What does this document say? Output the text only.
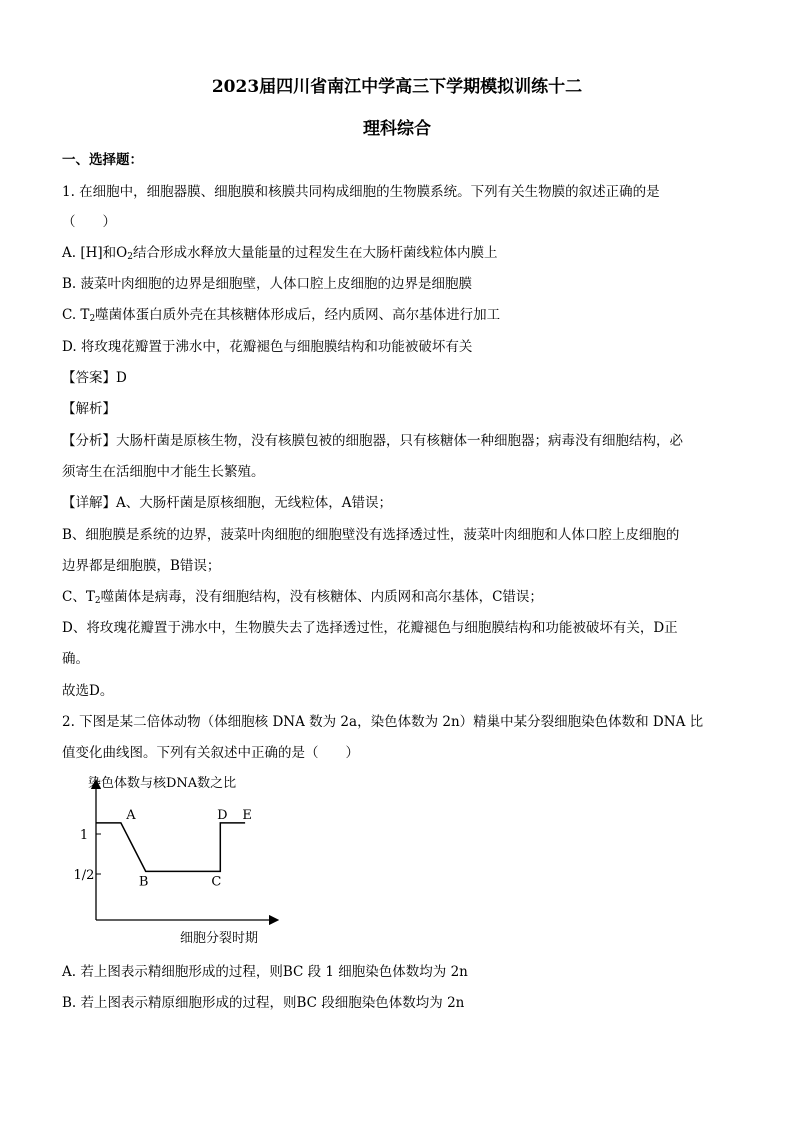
2023届四川省南江中学高三下学期模拟训练十二
理科综合
一、选择题：
1. 在细胞中，细胞器膜、细胞膜和核膜共同构成细胞的生物膜系统。下列有关生物膜的叙述正确的是
（　　）
A. [H]和$O_2$结合形成水释放大量能量的过程发生在大肠杆菌线粒体内膜上
B. 菠菜叶肉细胞的边界是细胞壁，人体口腔上皮细胞的边界是细胞膜
C. $T_2$噬菌体蛋白质外壳在其核糖体形成后，经内质网、高尔基体进行加工
D. 将玫瑰花瓣置于沸水中，花瓣褪色与细胞膜结构和功能被破坏有关
【答案】D
【解析】
【分析】大肠杆菌是原核生物，没有核膜包被的细胞器，只有核糖体一种细胞器；病毒没有细胞结构，必
须寄生在活细胞中才能生长繁殖。
【详解】A、大肠杆菌是原核细胞，无线粒体，A错误；
B、细胞膜是系统的边界，菠菜叶肉细胞的细胞壁没有选择透过性，菠菜叶肉细胞和人体口腔上皮细胞的
边界都是细胞膜，B错误；
C、$T_2$噬菌体是病毒，没有细胞结构，没有核糖体、内质网和高尔基体，C错误；
D、将玫瑰花瓣置于沸水中，生物膜失去了选择透过性，花瓣褪色与细胞膜结构和功能被破坏有关，D正
确。
故选D。
2. 下图是某二倍体动物（体细胞核 DNA 数为 2a，染色体数为 2n）精巢中某分裂细胞染色体数和 DNA 比
值变化曲线图。下列有关叙述中正确的是（　　）
染色体数与核DNA数之比
细胞分裂时期
1
1/2
A
B	C
D E
A. 若上图表示精细胞形成的过程，则BC 段 1 细胞染色体数均为 2n
B. 若上图表示精原细胞形成的过程，则BC 段细胞染色体数均为 2n
